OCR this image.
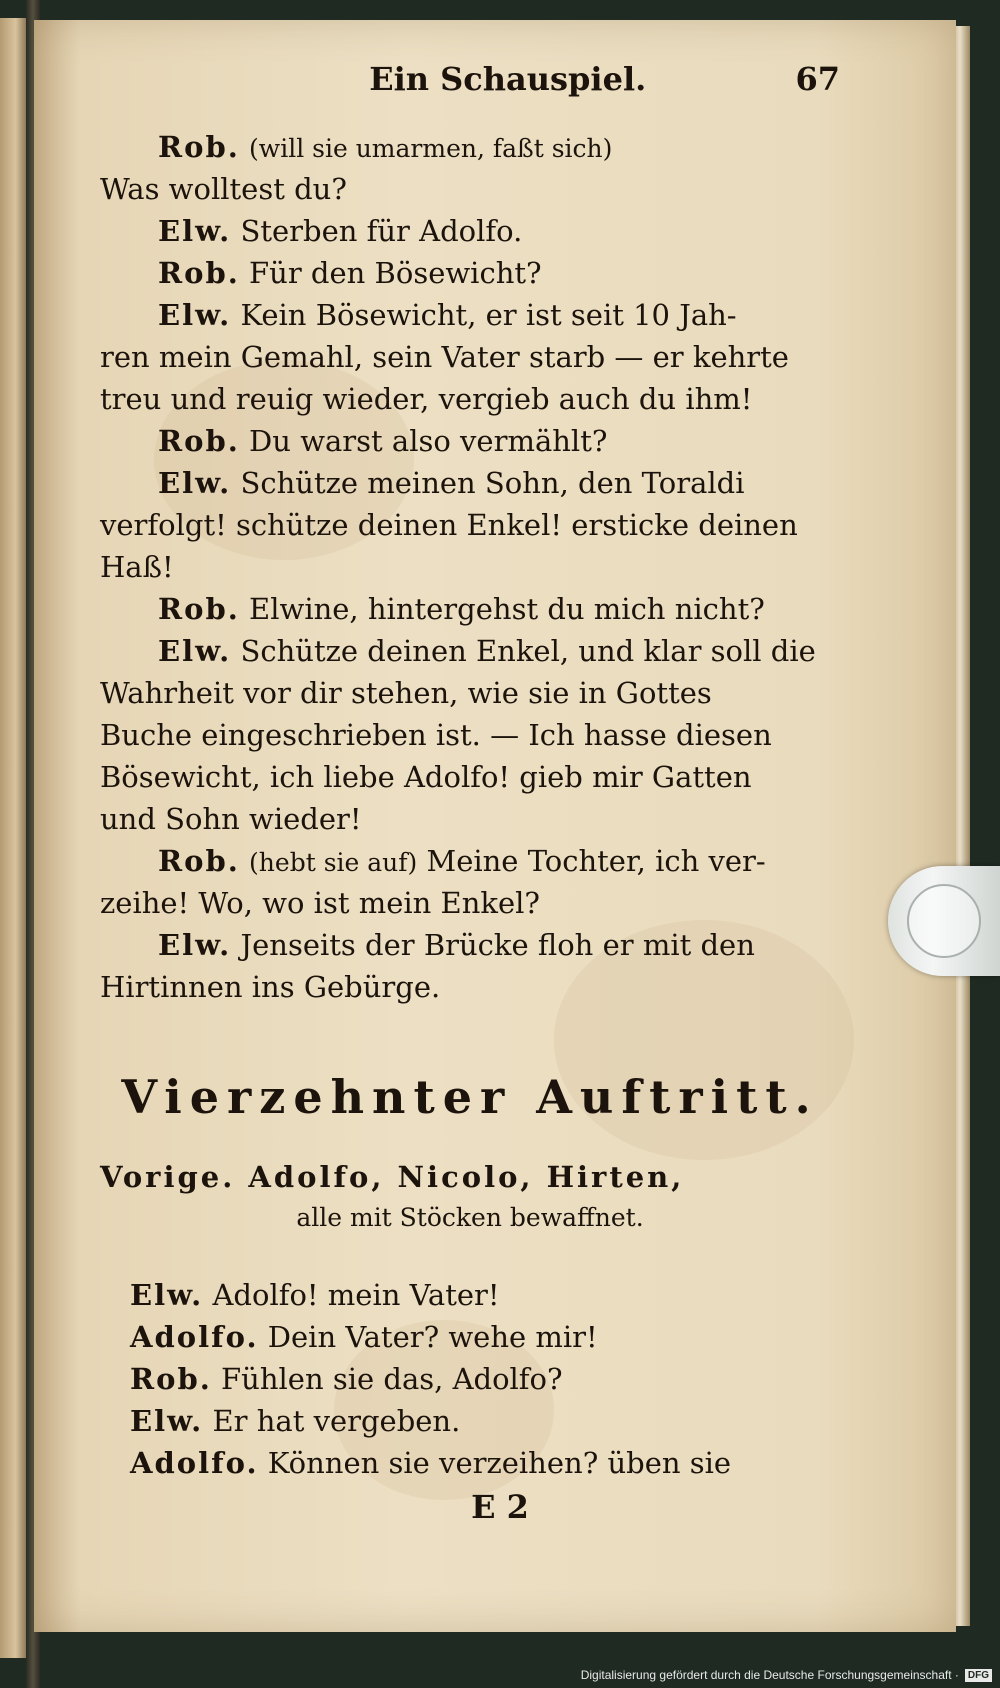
Ein Schauspiel.	67
Rob. (will sie umarmen, faßt sich)
Was wolltest du?
Elw. Sterben für Adolfo.
Rob. Für den Bösewicht?
Elw. Kein Bösewicht, er ist seit 10 Jah-
ren mein Gemahl, sein Vater starb — er kehrte
treu und reuig wieder, vergieb auch du ihm!
Rob. Du warst also vermählt?
Elw. Schütze meinen Sohn, den Toraldi
verfolgt! schütze deinen Enkel! ersticke deinen
Haß!
Rob. Elwine, hintergehst du mich nicht?
Elw. Schütze deinen Enkel, und klar soll die
Wahrheit vor dir stehen, wie sie in Gottes
Buche eingeschrieben ist. — Ich hasse diesen
Bösewicht, ich liebe Adolfo! gieb mir Gatten
und Sohn wieder!
Rob. (hebt sie auf) Meine Tochter, ich ver-
zeihe! Wo, wo ist mein Enkel?
Elw. Jenseits der Brücke floh er mit den
Hirtinnen ins Gebürge.
Vierzehnter Auftritt.
Vorige. Adolfo, Nicolo, Hirten,
alle mit Stöcken bewaffnet.
Elw. Adolfo! mein Vater!
Adolfo. Dein Vater? wehe mir!
Rob. Fühlen sie das, Adolfo?
Elw. Er hat vergeben.
Adolfo. Können sie verzeihen? üben sie
E 2
Digitalisierung gefördert durch die Deutsche Forschungsgemeinschaft · DFG
